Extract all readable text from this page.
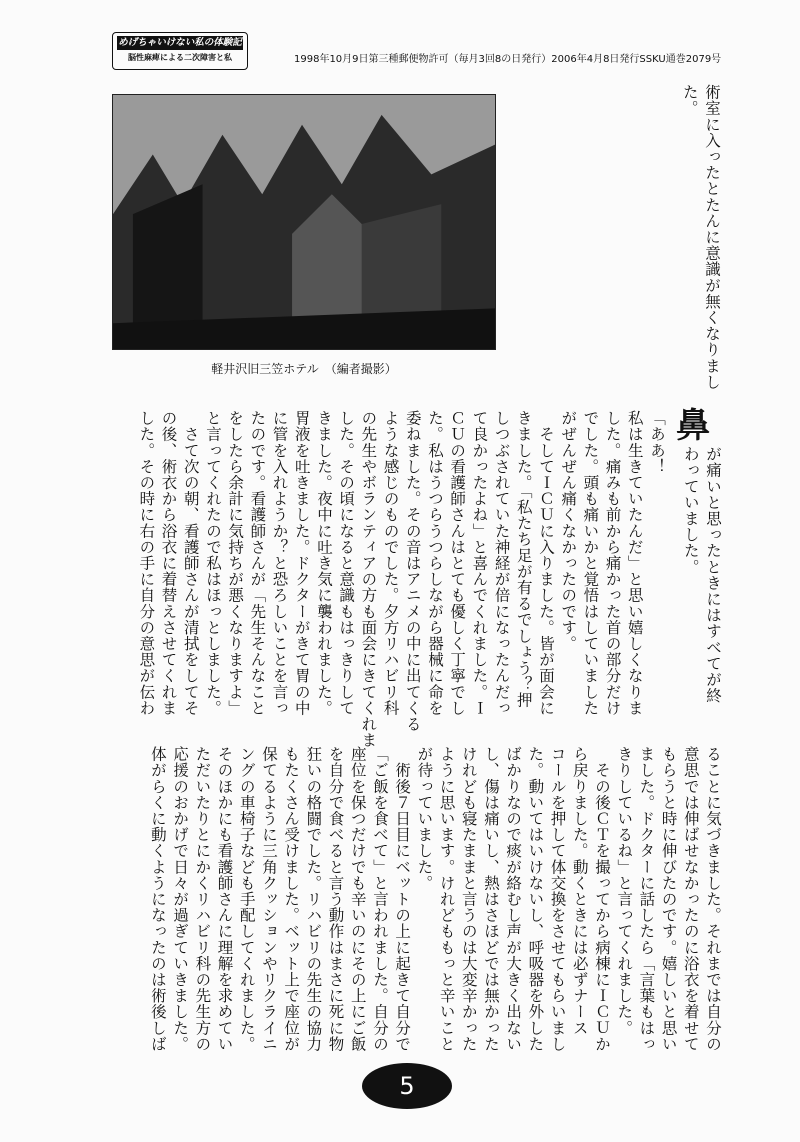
めげちゃいけない私の体験記
脳性麻痺による二次障害と私	1998年10月9日第三種郵便物許可（毎月3回8の日発行）2006年4月8日発行SSKU通巻2079号
軽井沢旧三笠ホテル　（編者撮影）	術室に入ったとたんに意識が無くなりまし
た。
鼻
が痛いと思ったときにはすべてが終
わっていました。
「ああ！
私は生きていたんだ」と思い嬉しくなりま
した。痛みも前から痛かった首の部分だけ
でした。頭も痛いかと覚悟はしていました
がぜんぜん痛くなかったのです。
　そしてＩＣＵに入りました。皆が面会に
きました。「私たち足が有るでしょう？押
しつぶされていた神経が倍になったんだっ
て良かったよね」と喜んでくれました。Ｉ
ＣＵの看護師さんはとても優しく丁寧でし
た。私はうつらうつらしながら器械に命を
委ねました。その音はアニメの中に出てくる
ような感じのものでした。夕方リハビリ科
の先生やボランティアの方も面会にきてくれま
した。その頃になると意識もはっきりして
きました。夜中に吐き気に襲われました。
胃液を吐きました。ドクターがきて胃の中
に管を入れようか？と恐ろしいことを言っ
たのです。看護師さんが「先生そんなこと
をしたら余計に気持ちが悪くなりますよ」
と言ってくれたので私はほっとしました。
　さて次の朝、看護師さんが清拭をしてそ
の後、術衣から浴衣に着替えさせてくれま
した。その時に右の手に自分の意思が伝わ
ることに気づきました。それまでは自分の
意思では伸ばせなかったのに浴衣を着せて
もらうと時に伸びたのです。嬉しいと思い
ました。ドクターに話したら「言葉もはっ
きりしているね」と言ってくれました。
　その後ＣＴを撮ってから病棟にＩＣＵか
ら戻りました。動くときには必ずナース
コールを押して体交換をさせてもらいまし
た。動いてはいけないし、呼吸器を外した
ばかりなので痰が絡むし声が大きく出ない
し、傷は痛いし、熱はさほどでは無かった
けれども寝たままと言うのは大変辛かった
ように思います。けれどももっと辛いこと
が待っていました。
　術後７日目にベットの上に起きて自分で
「ご飯を食べて」と言われました。自分の
座位を保つだけでも辛いのにその上にご飯
を自分で食べると言う動作はまさに死に物
狂いの格闘でした。リハビリの先生の協力
もたくさん受けました。ベット上で座位が
保てるように三角クッションやリクライニ
ングの車椅子なども手配してくれました。
そのほかにも看護師さんに理解を求めてい
ただいたりとにかくリハビリ科の先生方の
応援のおかげで日々が過ぎていきました。
体がらくに動くようになったのは術後しば
5
